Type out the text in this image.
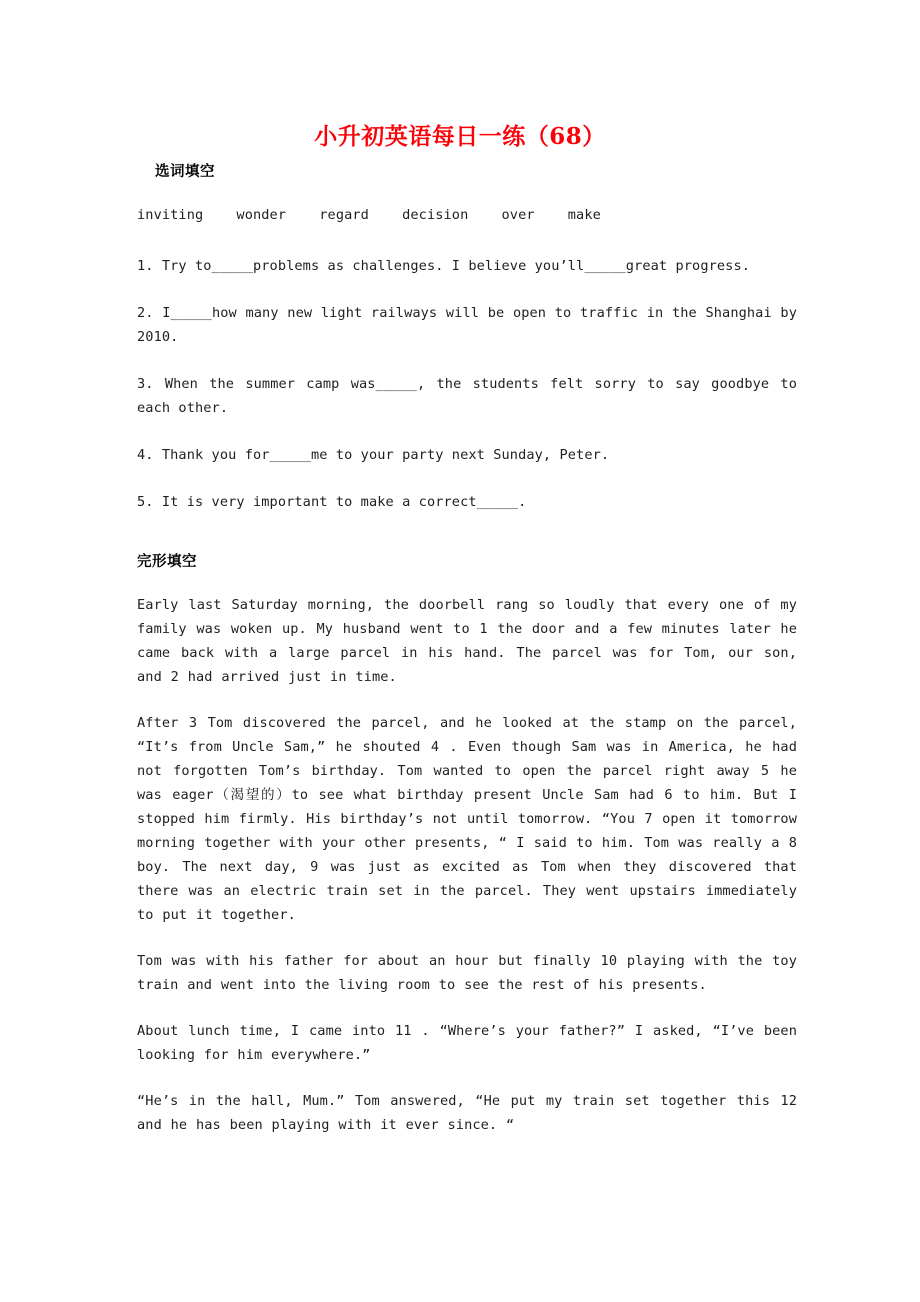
小升初英语每日一练（68）
选词填空
inviting    wonder    regard    decision    over    make
1. Try to_____problems as challenges. I believe you’ll_____great progress.
2. I_____how many new light railways will be open to traffic in the Shanghai by 2010.
3. When the summer camp was_____, the students felt sorry to say goodbye to each other.
4. Thank you for_____me to your party next Sunday, Peter.
5. It is very important to make a correct_____.
完形填空
Early last Saturday morning, the doorbell rang so loudly that every one of my family was woken up. My husband went to 1 the door and a few minutes later he came back with a large parcel in his hand. The parcel was for Tom, our son, and 2 had arrived just in time.
After 3 Tom discovered the parcel, and he looked at the stamp on the parcel, “It’s from Uncle Sam,” he shouted 4 . Even though Sam was in America, he had not forgotten Tom’s birthday. Tom wanted to open the parcel right away 5 he was eager（渴望的）to see what birthday present Uncle Sam had 6 to him. But I stopped him firmly. His birthday’s not until tomorrow. “You 7 open it tomorrow morning together with your other presents, “ I said to him. Tom was really a 8 boy. The next day, 9 was just as excited as Tom when they discovered that there was an electric train set in the parcel. They went upstairs immediately to put it together.
Tom was with his father for about an hour but finally 10 playing with the toy train and went into the living room to see the rest of his presents.
About lunch time, I came into 11 . “Where’s your father?” I asked, “I’ve been looking for him everywhere.”
“He’s in the hall, Mum.” Tom answered, “He put my train set together this 12 and he has been playing with it ever since. “
